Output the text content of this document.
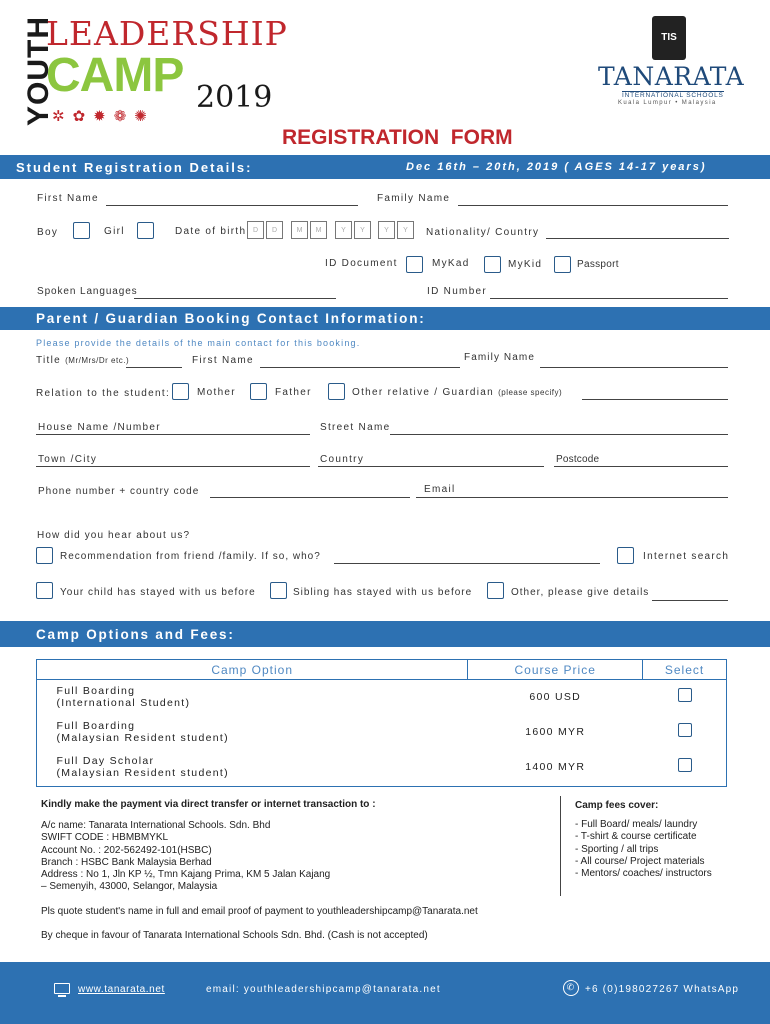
YOUTH
LEADERSHIP
CAMP 2019
✲✿✹❁✺
TIS
TANARATA
INTERNATIONAL SCHOOLS
Kuala Lumpur • Malaysia
REGISTRATION  FORM
Student Registration Details:	Dec 16th – 20th, 2019 ( AGES 14-17 years)
First Name	Family Name
Boy	Girl	Date of birth D	D	M	M	Y	Y	Y	Y	Nationality/ Country
ID Document	MyKad	MyKid	Passport
Spoken Languages	ID Number
Parent / Guardian Booking Contact Information:
Please provide the details of the main contact for this booking.
Title (Mr/Mrs/Dr etc.)	First Name	Family Name
Relation to the student:	Mother	Father	Other relative / Guardian (please specify)
House Name /Number	Street Name
Town /City	Country	Postcode
Phone number + country code	Email
How did you hear about us?
Recommendation from friend /family. If so, who?	Internet search
Your child has stayed with us before	Sibling has stayed with us before	Other, please give details
Camp Options and Fees:
Camp Option	Course Price	Select

Full Boarding
(International Student)	600 USD	

Full Boarding
(Malaysian Resident student)	1600 MYR	

Full Day Scholar
(Malaysian Resident student)	1400 MYR	
Kindly make the payment via direct transfer or internet transaction to :
A/c name: Tanarata International Schools. Sdn. Bhd
SWIFT CODE : HBMBMYKL
Account No. : 202-562492-101(HSBC)
Branch : HSBC Bank Malaysia Berhad
Address : No 1, Jln KP ½, Tmn Kajang Prima, KM 5 Jalan Kajang
– Semenyih, 43000, Selangor, Malaysia
Camp fees cover:
- Full Board/ meals/ laundry
- T-shirt & course certificate
- Sporting / all trips
- All course/ Project materials
- Mentors/ coaches/ instructors
Pls quote student's name in full and email proof of payment to youthleadershipcamp@Tanarata.net
By cheque in favour of Tanarata International Schools Sdn. Bhd. (Cash is not accepted)
www.tanarata.net	email: youthleadershipcamp@tanarata.net	✆ +6 (0)198027267 WhatsApp
